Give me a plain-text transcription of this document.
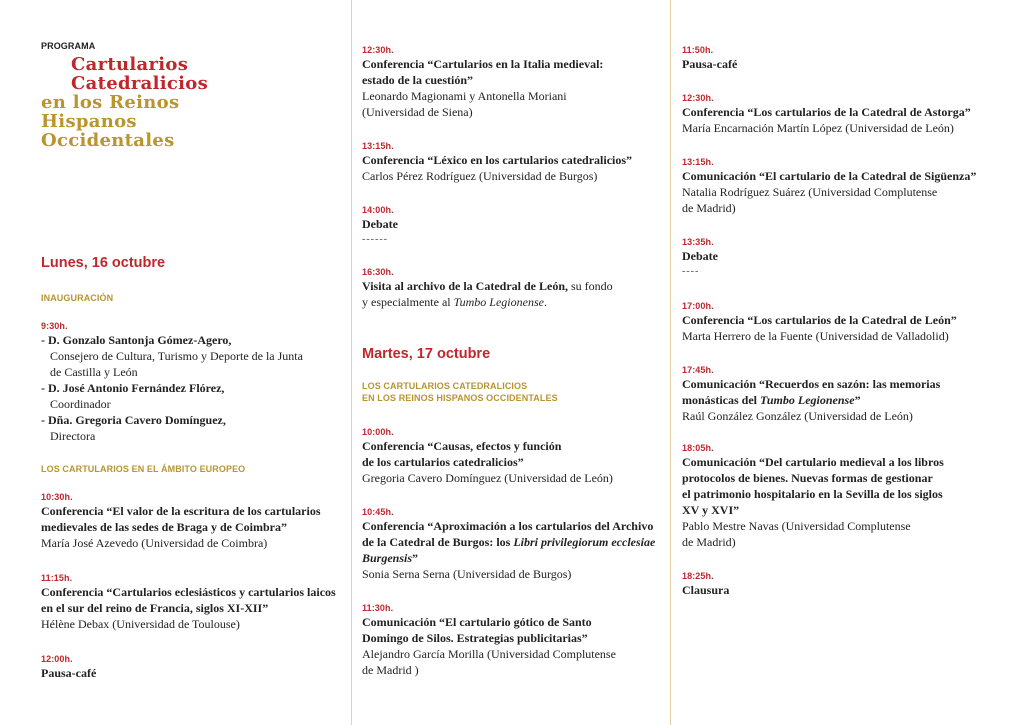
PROGRAMA
Cartularios
Catedralicios
en los Reinos
Hispanos
Occidentales
Lunes, 16 octubre
INAUGURACIÓN
9:30h.
- D. Gonzalo Santonja Gómez-Agero,
Consejero de Cultura, Turismo y Deporte de la Junta
de Castilla y León
- D. José Antonio Fernández Flórez,
Coordinador
- Dña. Gregoria Cavero Domínguez,
Directora
LOS CARTULARIOS EN EL ÁMBITO EUROPEO
10:30h.
Conferencia “El valor de la escritura de los cartularios
medievales de las sedes de Braga y de Coimbra”
María José Azevedo (Universidad de Coimbra)
11:15h.
Conferencia “Cartularios eclesiásticos y cartularios laicos
en el sur del reino de Francia, siglos XI-XII”
Hélène Debax (Universidad de Toulouse)
12:00h.
Pausa-café
12:30h.
Conferencia “Cartularios en la Italia medieval:
estado de la cuestión”
Leonardo Magionami y Antonella Moriani
(Universidad de Siena)
13:15h.
Conferencia “Léxico en los cartularios catedralicios”
Carlos Pérez Rodríguez (Universidad de Burgos)
14:00h.
Debate
------
16:30h.
Visita al archivo de la Catedral de León, su fondo
y especialmente al Tumbo Legionense.
Martes, 17 octubre
LOS CARTULARIOS CATEDRALICIOS
EN LOS REINOS HISPANOS OCCIDENTALES
10:00h.
Conferencia “Causas, efectos y función
de los cartularios catedralicios”
Gregoria Cavero Domínguez (Universidad de León)
10:45h.
Conferencia “Aproximación a los cartularios del Archivo
de la Catedral de Burgos: los Libri privilegiorum ecclesiae
Burgensis”
Sonia Serna Serna (Universidad de Burgos)
11:30h.
Comunicación “El cartulario gótico de Santo
Domingo de Silos. Estrategias publicitarias”
Alejandro García Morilla (Universidad Complutense
de Madrid )
11:50h.
Pausa-café
12:30h.
Conferencia “Los cartularios de la Catedral de Astorga”
María Encarnación Martín López (Universidad de León)
13:15h.
Comunicación “El cartulario de la Catedral de Sigüenza”
Natalia Rodríguez Suárez (Universidad Complutense
de Madrid)
13:35h.
Debate
----
17:00h.
Conferencia “Los cartularios de la Catedral de León”
Marta Herrero de la Fuente (Universidad de Valladolid)
17:45h.
Comunicación “Recuerdos en sazón: las memorias
monásticas del Tumbo Legionense”
Raúl González González (Universidad de León)
18:05h.
Comunicación “Del cartulario medieval a los libros
protocolos de bienes. Nuevas formas de gestionar
el patrimonio hospitalario en la Sevilla de los siglos
XV y XVI”
Pablo Mestre Navas (Universidad Complutense
de Madrid)
18:25h.
Clausura
